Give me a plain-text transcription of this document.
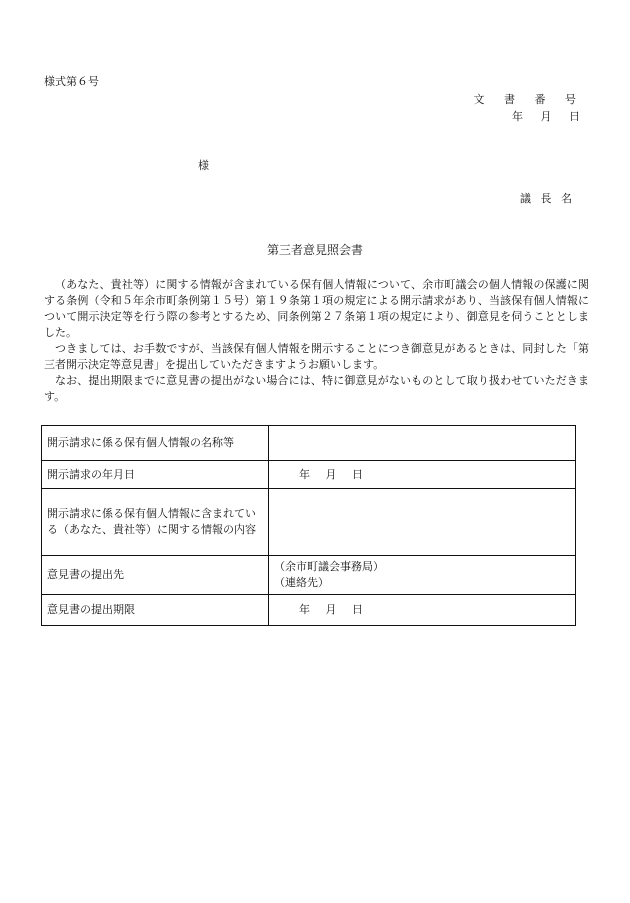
様式第６号
文 書 番 号
年 月 日
様
議 長 名
第三者意見照会書

（あなた、貴社等）に関する情報が含まれている保有個人情報について、余市町議会の個人情報の保護に関する条例（令和５年余市町条例第１５号）第１９条第１項の規定による開示請求があり、当該保有個人情報について開示決定等を行う際の参考とするため、同条例第２７条第１項の規定により、御意見を伺うこととしました。

つきましては、お手数ですが、当該保有個人情報を開示することにつき御意見があるときは、同封した「第三者開示決定等意見書」を提出していただきますようお願いします。

なお、提出期限までに意見書の提出がない場合には、特に御意見がないものとして取り扱わせていただきます。

開示請求に係る保有個人情報の名称等	
開示請求の年月日	年 月 日
開示請求に係る保有個人情報に含まれている（あなた、貴社等）に関する情報の内容	
意見書の提出先	（余市町議会事務局）
（連絡先）

意見書の提出期限	年 月 日
